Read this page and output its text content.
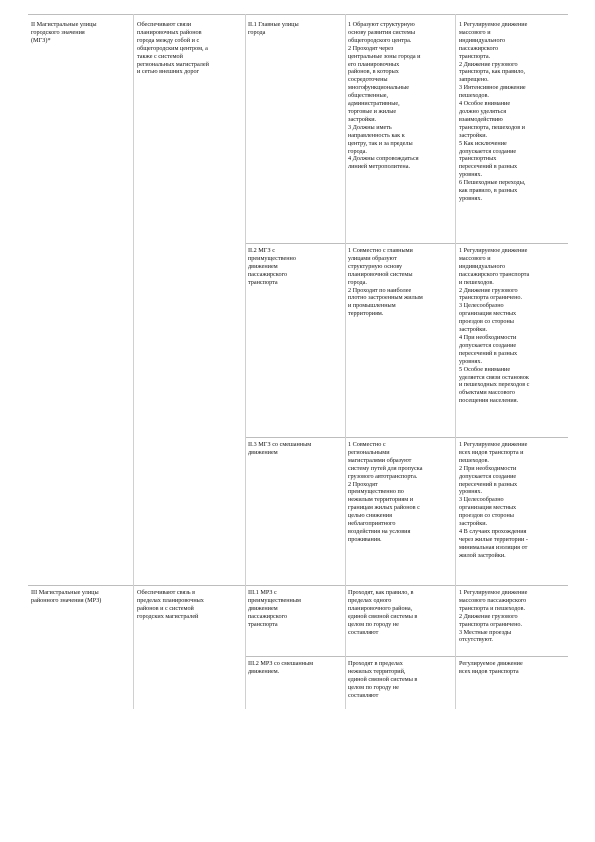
II Магистральные улицы
городского значения
(МГЗ)*
Обеспечивают связи
планировочных районов
города между собой и с
общегородским центром, а
также с системой
региональных магистралей
и сетью внешних дорог
II.1 Главные улицы
города
1 Образуют структурную
основу развития системы
общегородского центра.
2 Проходят через
центральные зоны города и
его планировочных
районов, в которых
сосредоточены
многофункциональные
общественные,
административные,
торговые и жилые
застройки.
3 Должны иметь
направленность как к
центру, так и за пределы
города.
4 Должны сопровождаться
линией метрополитена.
1 Регулируемое движение
массового и
индивидуального
пассажирского
транспорта.
2 Движение грузового
транспорта, как правило,
запрещено.
3 Интенсивное движение
пешеходов.
4 Особое внимание
должно уделяться
взаимодействию
транспорта, пешеходов и
застройки.
5 Как исключение
допускается создание
транспортных
пересечений в разных
уровнях.
6 Пешеходные переходы,
как правило, в разных
уровнях.
II.2 МГЗ с
преимущественно
движением
пассажирского
транспорта
1 Совместно с главными
улицами образуют
структурную основу
планировочной системы
города.
2 Проходят по наиболее
плотно застроенным жилым
и промышленным
территориям.
1 Регулируемое движение
массового и
индивидуального
пассажирского транспорта
и пешеходов.
2 Движение грузового
транспорта ограничено.
3 Целесообразно
организация местных
проездов со стороны
застройки.
4 При необходимости
допускается создание
пересечений в разных
уровнях.
5 Особое внимание
уделяется связи остановок
и пешеходных переходов с
объектами массового
посещения населения.
II.3 МГЗ со смешанным
движением
1 Совместно с
региональными
магистралями образуют
систему путей для пропуска
грузового автотранспорта.
2 Проходят
преимущественно по
нежилым территориям и
границам жилых районов с
целью снижения
неблагоприятного
воздействия на условия
проживания.
1 Регулируемое движение
всех видов транспорта и
пешеходов.
2 При необходимости
допускается создание
пересечений в разных
уровнях.
3 Целесообразно
организация местных
проездов со стороны
застройки.
4 В случаях прохождения
через жилые территории -
минимальная изоляция от
жилой застройки.
III Магистральные улицы
районного значения (МРЗ)
Обеспечивают связь в
пределах планировочных
районов и с системой
городских магистралей
III.1 МРЗ с
преимущественным
движением
пассажирского
транспорта
Проходят, как правило, в
пределах одного
планировочного района,
единой связной системы в
целом по городу не
составляют
1 Регулируемое движение
массового пассажирского
транспорта и пешеходов.
2 Движение грузового
транспорта ограничено.
3 Местные проезды
отсутствуют.
III.2 МРЗ со смешанным
движением.
Проходят в пределах
нежилых территорий,
единой связной системы в
целом по городу не
составляют
Регулируемое движение
всех видов транспорта
